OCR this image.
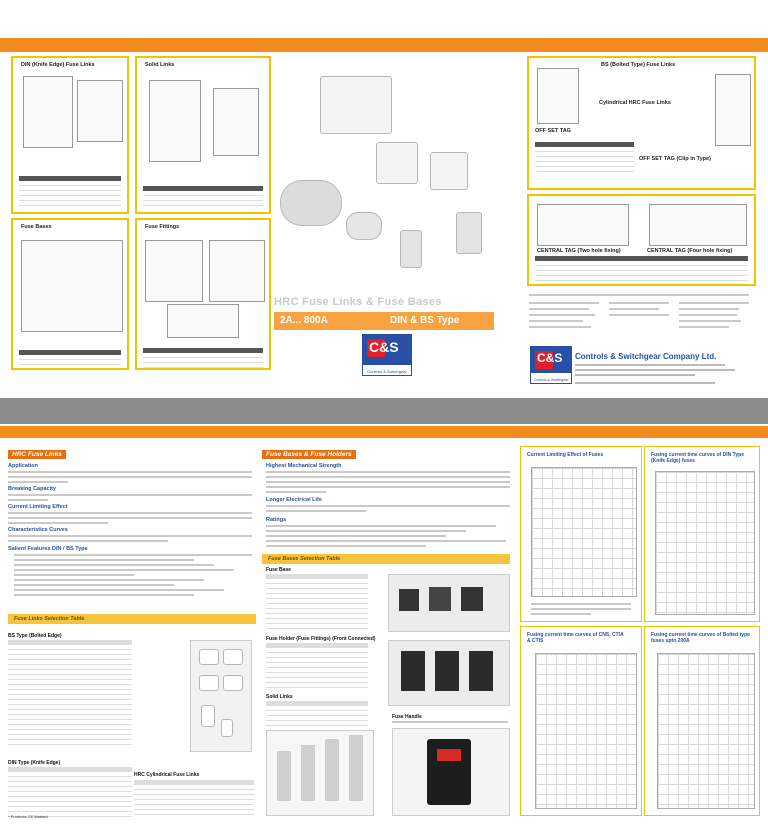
DIN (Knife Edge) Fuse Links	Solid Links
Fuse Bases	Fuse Fittings
HRC Fuse Links & Fuse Bases
2A... 800A	DIN & BS Type
C&S
Controls & Switchgear
BS (Bolted Type) Fuse Links
Cylindrical HRC Fuse Links
OFF SET TAG
OFF SET TAG (Clip in Type)
CENTRAL TAG (Two hole fixing)	CENTRAL TAG (Four hole fixing)
C&S
Controls & Switchgear
Controls & Switchgear Company Ltd.
HRC Fuse Links
Application
Breaking Capacity
Current Limiting Effect
Characteristics Curves
Salient Features DIN / BS Type
Fuse Links Selection Table
BS Type (Bolted Edge)
DIN Type (Knife Edge)
HRC Cylindrical Fuse Links
Fuse Bases & Fuse Holders
Highest Mechanical Strength
Longer Electrical Life
Ratings
Fuse Bases Selection Table
Fuse Base
Fuse Holder (Fuse Fittings) (Front Connected)
Solid Links
Fuse Handle
Current Limiting Effect of Fuses	Fusing current time curves of DIN Type (Knife Edge) fuses
Fusing current time curves of CNS, CTIA & CTIS
Fusing current time curves of Bolted type fuses upto 200A
* Products CE Marked
